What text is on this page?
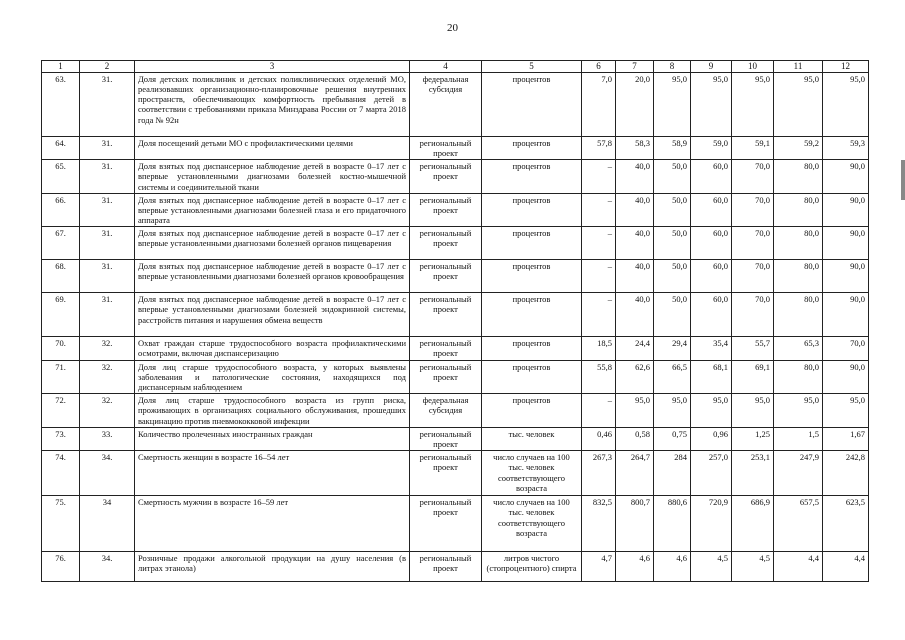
20
1	2	3	4	5	6	7	8	9	10	11	12
63.	31.	Доля детских поликлиник и детских поликлинических отделений МО, реализовавших организационно-планировочные решения внутренних пространств, обеспечивающих комфортность пребывания детей в соответствии с требованиями приказа Минздрава России от 7 марта 2018 года № 92н	федеральная субсидия	процентов	7,0	20,0	95,0	95,0	95,0	95,0	95,0
64.	31.	Доля посещений детьми МО с профилактическими целями	региональный проект	процентов	57,8	58,3	58,9	59,0	59,1	59,2	59,3
65.	31.	Доля взятых под диспансерное наблюдение детей в возрасте 0–17 лет с впервые установленными диагнозами болезней костно-мышечной системы и соединительной ткани	региональный проект	процентов	–	40,0	50,0	60,0	70,0	80,0	90,0
66.	31.	Доля взятых под диспансерное наблюдение детей в возрасте 0–17 лет с впервые установленными диагнозами болезней глаза и его придаточного аппарата	региональный проект	процентов	–	40,0	50,0	60,0	70,0	80,0	90,0
67.	31.	Доля взятых под диспансерное наблюдение детей в возрасте 0–17 лет с впервые установленными диагнозами болезней органов пищеварения	региональный проект	процентов	–	40,0	50,0	60,0	70,0	80,0	90,0
68.	31.	Доля взятых под диспансерное наблюдение детей в возрасте 0–17 лет с впервые установленными диагнозами болезней органов кровообращения	региональный проект	процентов	–	40,0	50,0	60,0	70,0	80,0	90,0
69.	31.	Доля взятых под диспансерное наблюдение детей в возрасте 0–17 лет с впервые установленными диагнозами болезней эндокринной системы, расстройств питания и нарушения обмена веществ	региональный проект	процентов	–	40,0	50,0	60,0	70,0	80,0	90,0
70.	32.	Охват граждан старше трудоспособного возраста профилактическими осмотрами, включая диспансеризацию	региональный проект	процентов	18,5	24,4	29,4	35,4	55,7	65,3	70,0
71.	32.	Доля лиц старше трудоспособного возраста, у которых выявлены заболевания и патологические состояния, находящихся под диспансерным наблюдением	региональный проект	процентов	55,8	62,6	66,5	68,1	69,1	80,0	90,0
72.	32.	Доля лиц старше трудоспособного возраста из групп риска, проживающих в организациях социального обслуживания, прошедших вакцинацию против пневмококковой инфекции	федеральная субсидия	процентов	–	95,0	95,0	95,0	95,0	95,0	95,0
73.	33.	Количество пролеченных иностранных граждан	региональный проект	тыс. человек	0,46	0,58	0,75	0,96	1,25	1,5	1,67
74.	34.	Смертность женщин в возрасте 16–54 лет	региональный проект	число случаев на 100 тыс. человек соответствующего возраста	267,3	264,7	284	257,0	253,1	247,9	242,8
75.	34	Смертность мужчин в возрасте 16–59 лет	региональный проект	число случаев на 100 тыс. человек соответствующего возраста	832,5	800,7	880,6	720,9	686,9	657,5	623,5
76.	34.	Розничные продажи алкогольной продукции на душу населения (в литрах этанола)	региональный проект	литров чистого (стопроцентного) спирта	4,7	4,6	4,6	4,5	4,5	4,4	4,4
